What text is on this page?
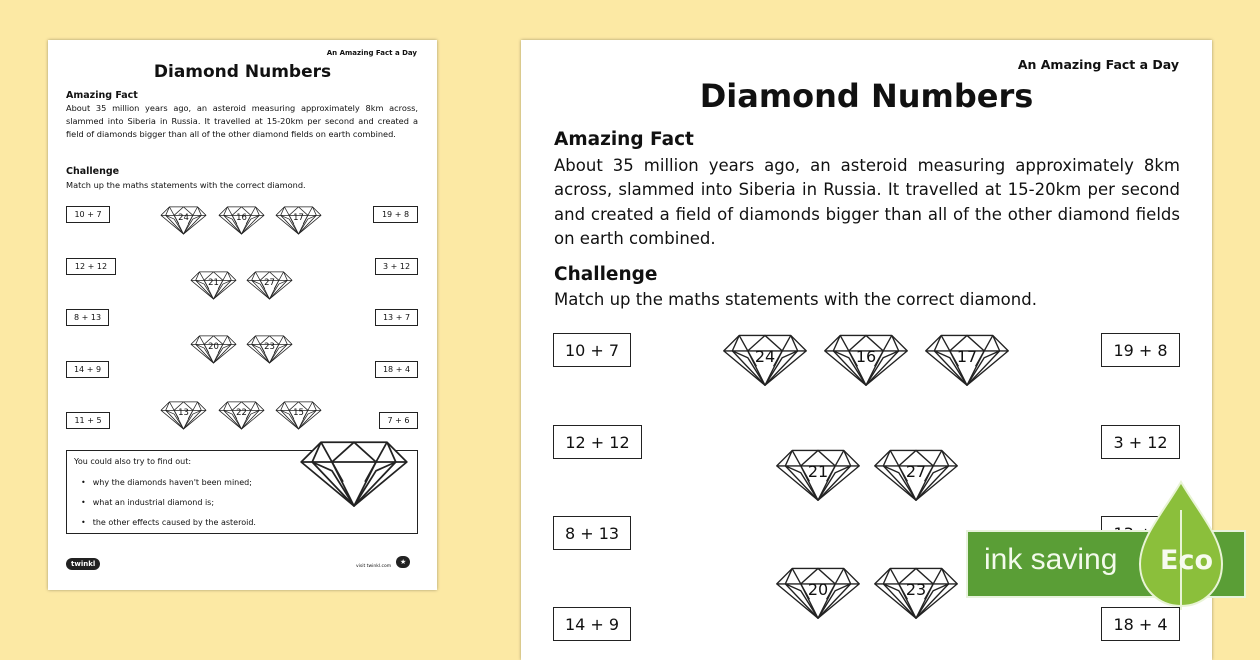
An Amazing Fact a Day
Diamond Numbers
Amazing Fact
About 35 million years ago, an asteroid measuring approximately 8km across, slammed into Siberia in Russia. It travelled at 15-20km per second and created a field of diamonds bigger than all of the other diamond fields on earth combined.
Challenge
Match up the maths statements with the correct diamond.
10 + 7
12 + 12
8 + 13
14 + 9
11 + 5
19 + 8
3 + 12
13 + 7
18 + 4
7 + 6
24	16	17
21	27
20	23
13	22	15
You could also try to find out:
• why the diamonds haven't been mined;
• what an industrial diamond is;
• the other effects caused by the asteroid.
twinkl	visit twinkl.com
★
An Amazing Fact a Day
Diamond Numbers
Amazing Fact
About 35 million years ago, an asteroid measuring approximately 8km across, slammed into Siberia in Russia. It travelled at 15-20km per second and created a field of diamonds bigger than all of the other diamond fields on earth combined.
Challenge
Match up the maths statements with the correct diamond.
10 + 7
12 + 12
8 + 13
14 + 9
19 + 8
3 + 12
18 + 4
24	16	17
21	27
20	23
ink saving Eco
